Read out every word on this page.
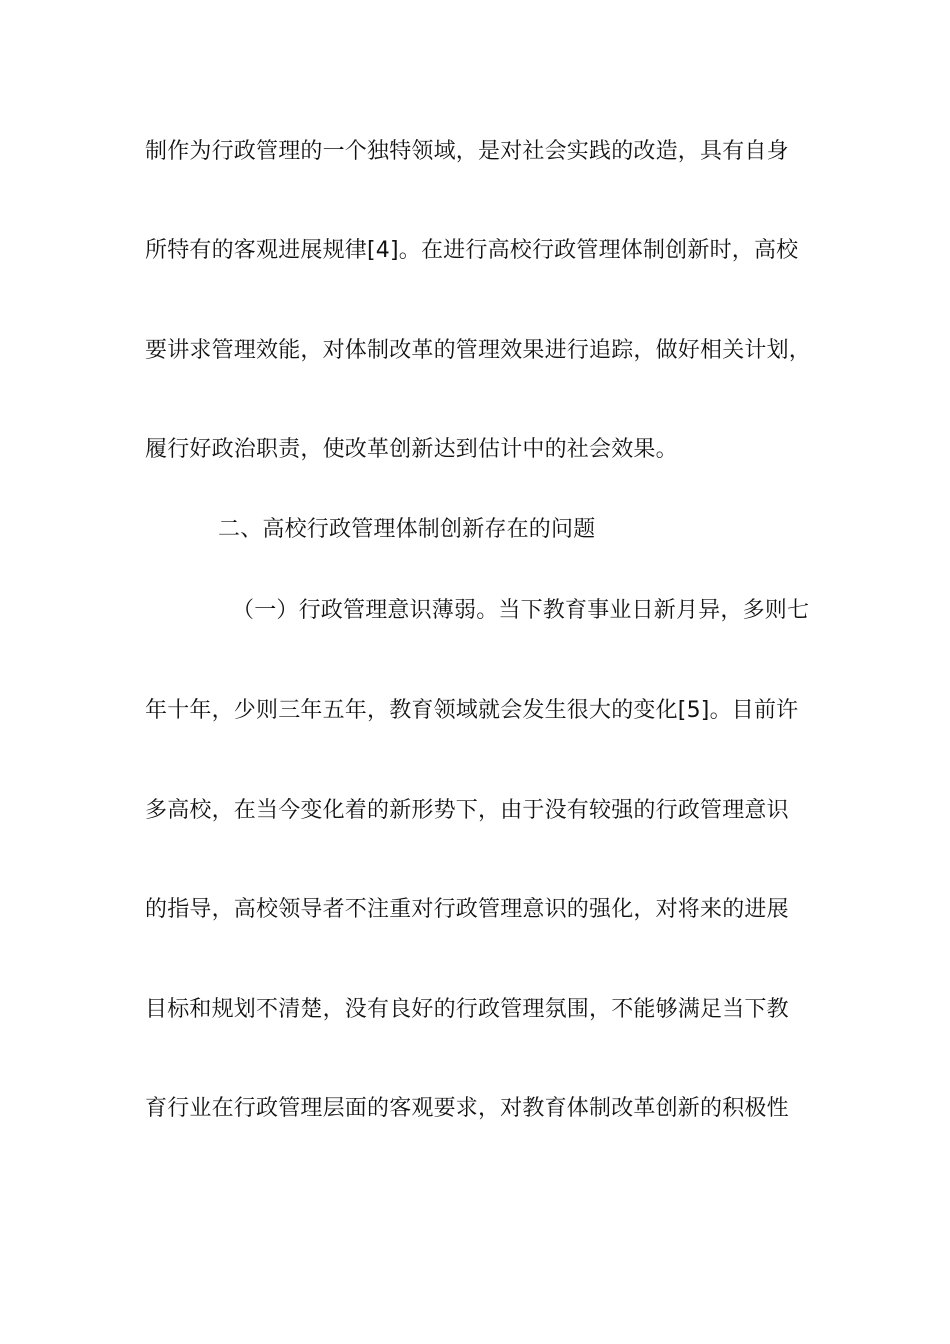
制作为行政管理的一个独特领域，是对社会实践的改造，具有自身
所特有的客观进展规律[4]。在进行高校行政管理体制创新时，高校
要讲求管理效能，对体制改革的管理效果进行追踪，做好相关计划，
履行好政治职责，使改革创新达到估计中的社会效果。
二、高校行政管理体制创新存在的问题
（一）行政管理意识薄弱。当下教育事业日新月异，多则七
年十年，少则三年五年，教育领域就会发生很大的变化[5]。目前许
多高校，在当今变化着的新形势下，由于没有较强的行政管理意识
的指导，高校领导者不注重对行政管理意识的强化，对将来的进展
目标和规划不清楚，没有良好的行政管理氛围，不能够满足当下教
育行业在行政管理层面的客观要求，对教育体制改革创新的积极性
